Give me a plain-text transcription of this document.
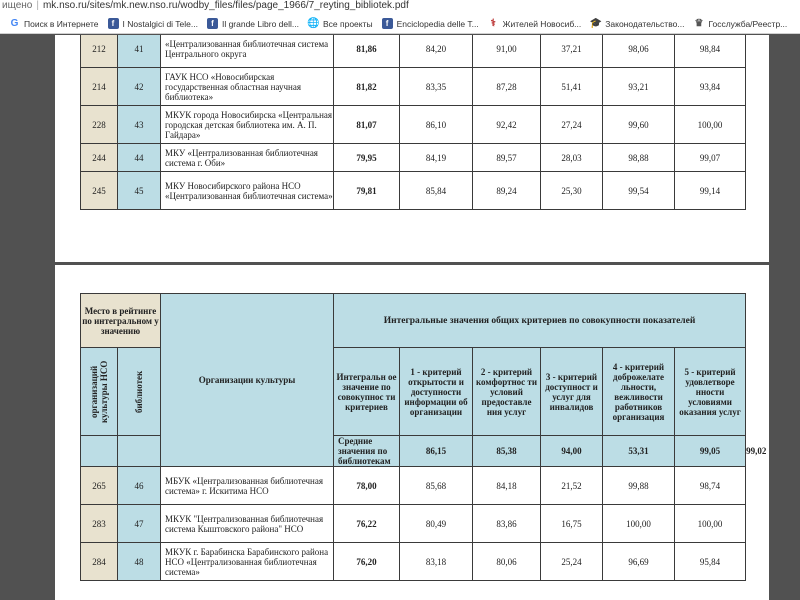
ищено | mk.nso.ru/sites/mk.new.nso.ru/wodby_files/files/page_1966/7_reyting_bibliotek.pdf
G Поиск в Интернете	f I Nostalgici di Tele...	f Il grande Libro dell... 🌐 Все проекты	f Enciclopedia delle T... ⚕ Жителей Новосиб... 🎓 Законодательство... ♛ Госслужба/Реестр...
212	41	«Централизованная библиотечная система Центрального округа	81,86	84,20	91,00	37,21	98,06	98,84
214	42	ГАУК НСО «Новосибирская государственная областная научная библиотека»	81,82	83,35	87,28	51,41	93,21	93,84
228	43	МКУК города Новосибирска «Центральная городская детская библиотека им. А. П. Гайдара»	81,07	86,10	92,42	27,24	99,60	100,00
244	44	МКУ «Централизованная библиотечная система г. Оби»	79,95	84,19	89,57	28,03	98,88	99,07
245	45	МКУ Новосибирского района НСО «Централизованная библиотечная система»	79,81	85,84	89,24	25,30	99,54	99,14
Место в рейтинге по интегральном у значению		Организации культуры	Интегральные значения общих критериев по совокупности показателей						

организаций культуры НСО	библиотек		Интегральн ое значение по совокупнос ти критериев	1 - критерий открытости и доступности информации об организации	2 - критерий комфортнос ти условий предоставле ния услуг	3 - критерий доступност и услуг для инвалидов	4 - критерий доброжелате льности, вежливости работников организация	5 - критерий удовлетворе нности условиями оказания услуг	
			Средние значения по библиотекам	86,15	85,38	94,00	53,31	99,05	99,02
265	46	МБУК «Централизованная библиотечная система» г. Искитима НСО	78,00	85,68	84,18	21,52	99,88	98,74	
283	47	МКУК "Централизованная библиотечная система Кыштовского района" НСО	76,22	80,49	83,86	16,75	100,00	100,00	
284	48	МКУК г. Барабинска Барабинского района НСО «Централизованная библиотечная система»	76,20	83,18	80,06	25,24	96,69	95,84	
